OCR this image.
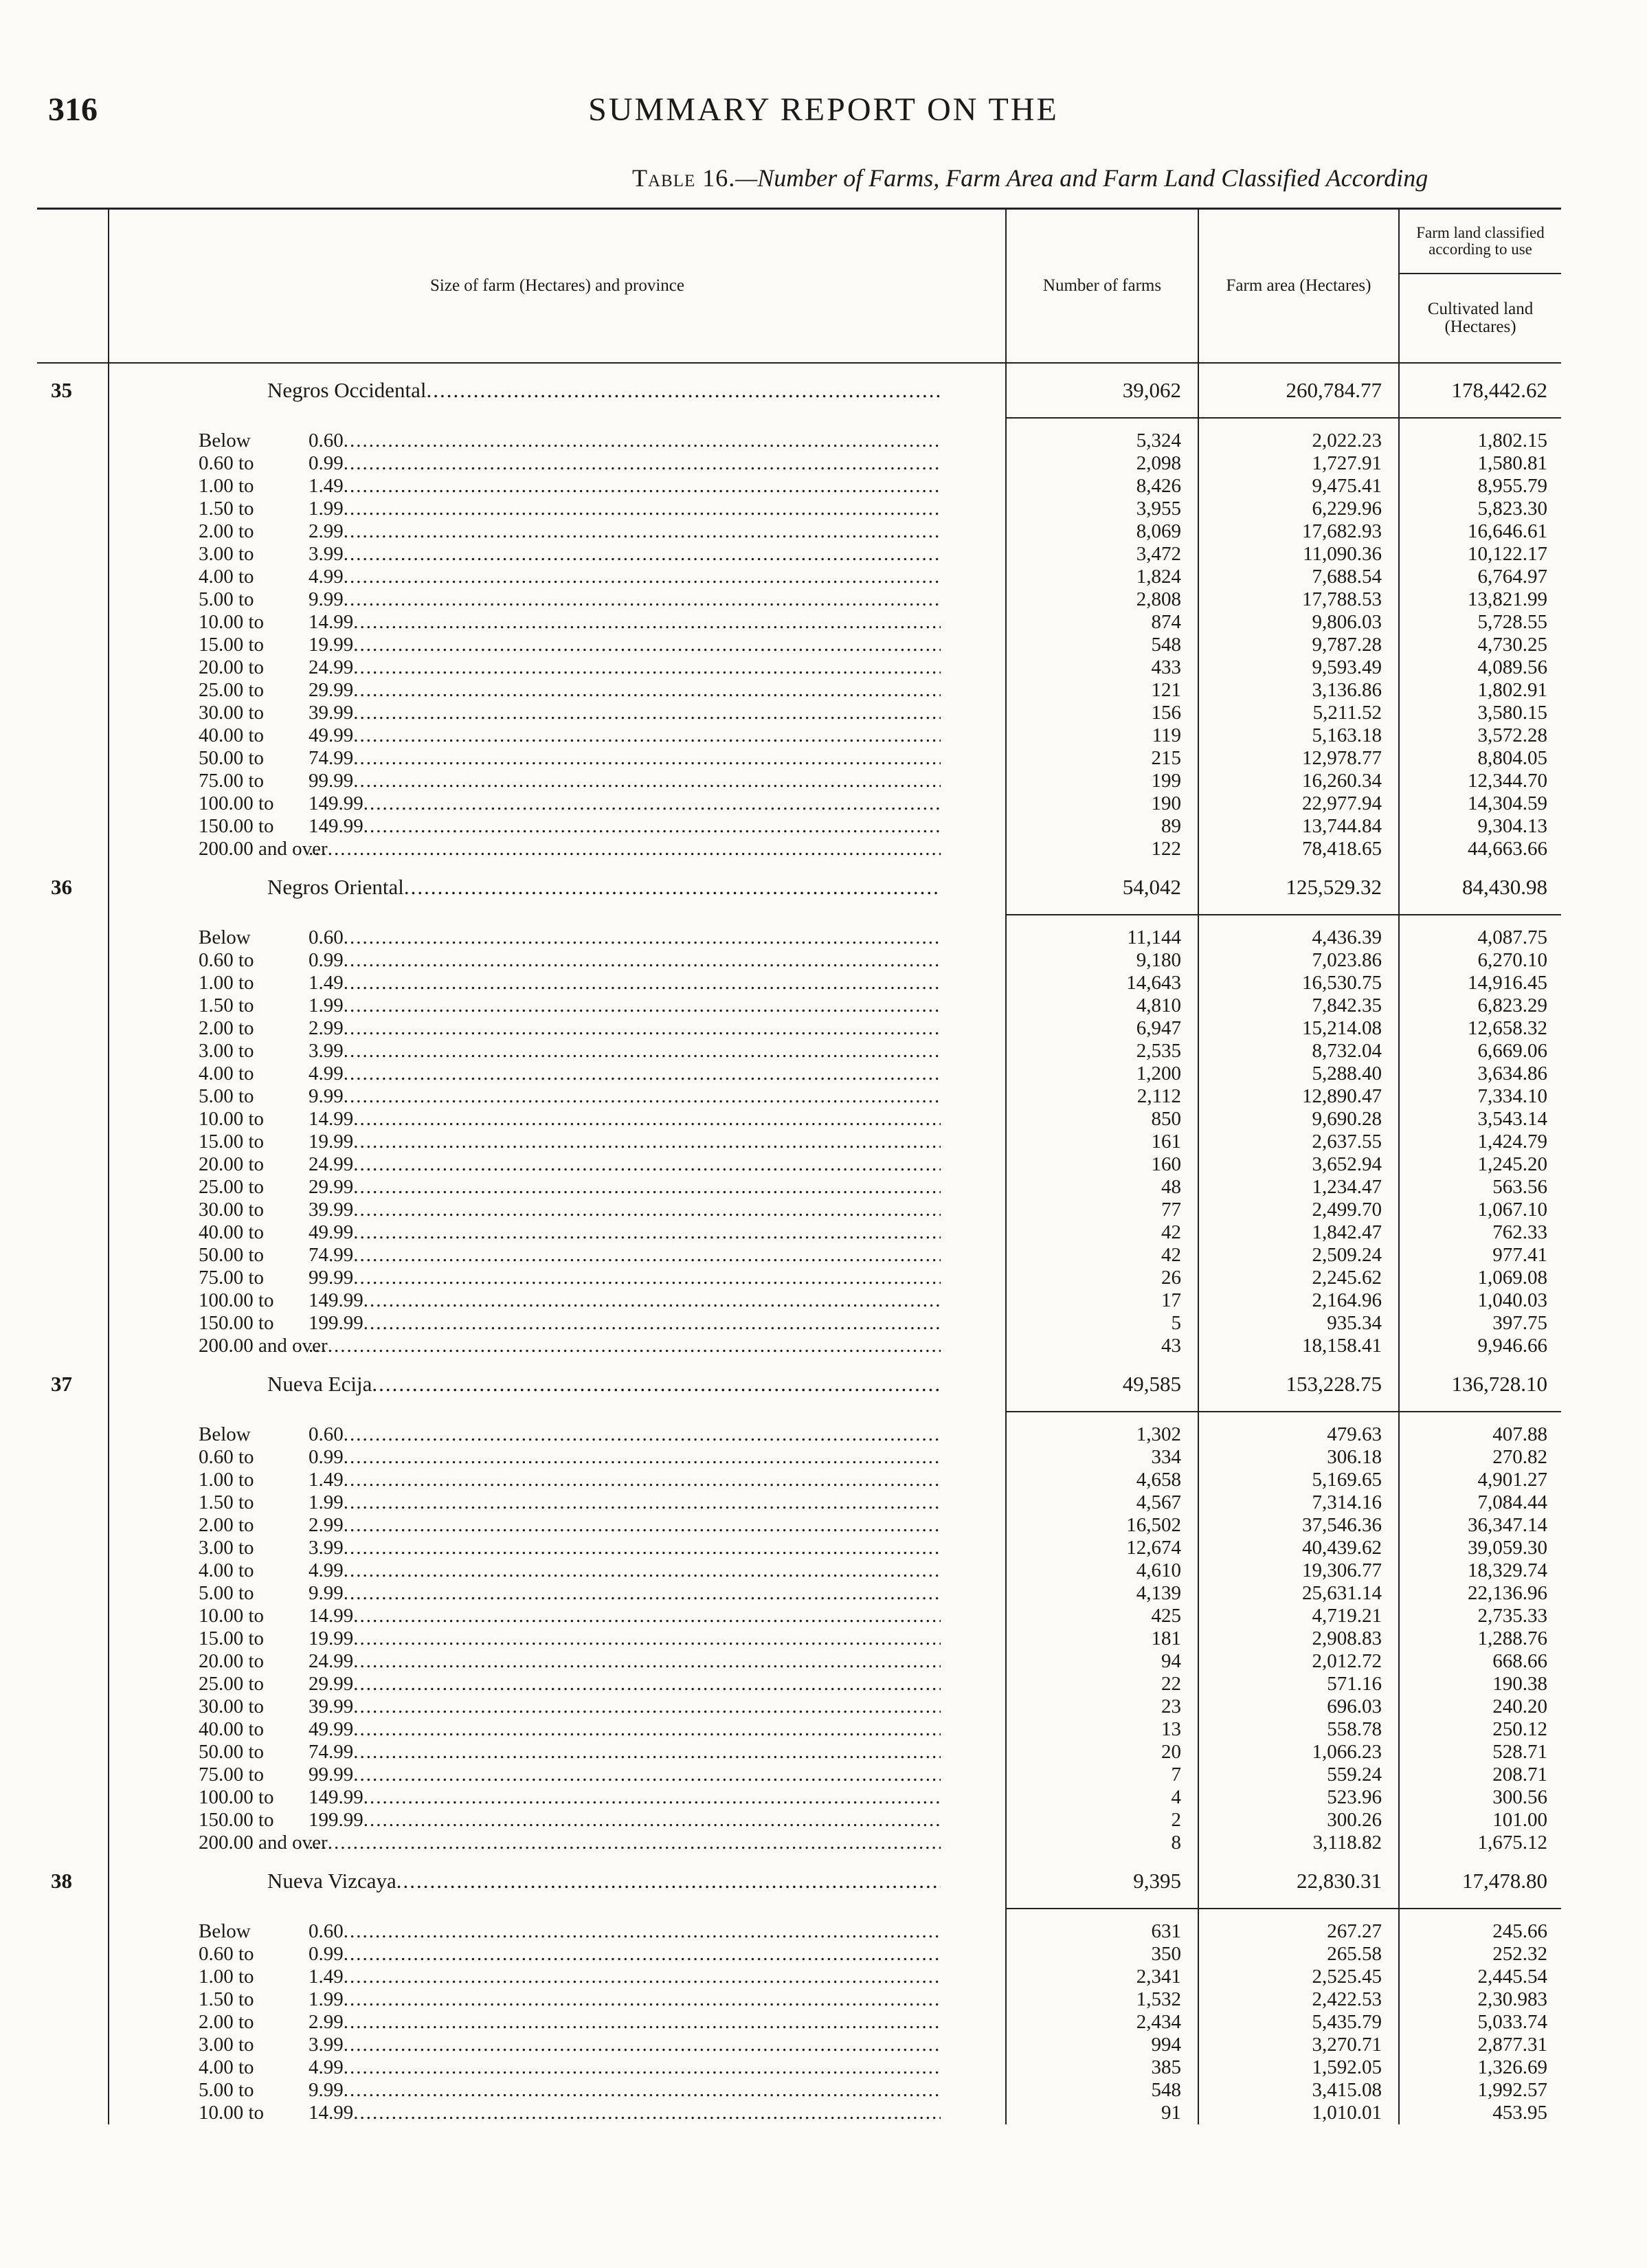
316	SUMMARY REPORT ON THE
Table 16.—Number of Farms, Farm Area and Farm Land Classified According
	Size of farm (Hectares) and province	Number of farms	Farm area (Hectares)	Farm land classified according to use
				Cultivated land (Hectares)
35	Negros Occidental .....	39,062	260,784.77	178,442.62
	Below 0.60 .....	5,324	2,022.23	1,802.15
	0.60 to 0.99 .....	2,098	1,727.91	1,580.81
	1.00 to 1.49 .....	8,426	9,475.41	8,955.79
	1.50 to 1.99 .....	3,955	6,229.96	5,823.30
	2.00 to 2.99 .....	8,069	17,682.93	16,646.61
	3.00 to 3.99 .....	3,472	11,090.36	10,122.17
	4.00 to 4.99 .....	1,824	7,688.54	6,764.97
	5.00 to 9.99 .....	2,808	17,788.53	13,821.99
	10.00 to 14.99 .....	874	9,806.03	5,728.55
	15.00 to 19.99 .....	548	9,787.28	4,730.25
	20.00 to 24.99 .....	433	9,593.49	4,089.56
	25.00 to 29.99 .....	121	3,136.86	1,802.91
	30.00 to 39.99 .....	156	5,211.52	3,580.15
	40.00 to 49.99 .....	119	5,163.18	3,572.28
	50.00 to 74.99 .....	215	12,978.77	8,804.05
	75.00 to 99.99 .....	199	16,260.34	12,344.70
	100.00 to 149.99 .....	190	22,977.94	14,304.59
	150.00 to 149.99 .....	89	13,744.84	9,304.13
	200.00 and over .....	122	78,418.65	44,663.66
36	Negros Oriental .....	54,042	125,529.32	84,430.98
	Below 0.60 .....	11,144	4,436.39	4,087.75
	0.60 to 0.99 .....	9,180	7,023.86	6,270.10
	1.00 to 1.49 .....	14,643	16,530.75	14,916.45
	1.50 to 1.99 .....	4,810	7,842.35	6,823.29
	2.00 to 2.99 .....	6,947	15,214.08	12,658.32
	3.00 to 3.99 .....	2,535	8,732.04	6,669.06
	4.00 to 4.99 .....	1,200	5,288.40	3,634.86
	5.00 to 9.99 .....	2,112	12,890.47	7,334.10
	10.00 to 14.99 .....	850	9,690.28	3,543.14
	15.00 to 19.99 .....	161	2,637.55	1,424.79
	20.00 to 24.99 .....	160	3,652.94	1,245.20
	25.00 to 29.99 .....	48	1,234.47	563.56
	30.00 to 39.99 .....	77	2,499.70	1,067.10
	40.00 to 49.99 .....	42	1,842.47	762.33
	50.00 to 74.99 .....	42	2,509.24	977.41
	75.00 to 99.99 .....	26	2,245.62	1,069.08
	100.00 to 149.99 .....	17	2,164.96	1,040.03
	150.00 to 199.99 .....	5	935.34	397.75
	200.00 and over .....	43	18,158.41	9,946.66
37	Nueva Ecija .....	49,585	153,228.75	136,728.10
	Below 0.60 .....	1,302	479.63	407.88
	0.60 to 0.99 .....	334	306.18	270.82
	1.00 to 1.49 .....	4,658	5,169.65	4,901.27
	1.50 to 1.99 .....	4,567	7,314.16	7,084.44
	2.00 to 2.99 .....	16,502	37,546.36	36,347.14
	3.00 to 3.99 .....	12,674	40,439.62	39,059.30
	4.00 to 4.99 .....	4,610	19,306.77	18,329.74
	5.00 to 9.99 .....	4,139	25,631.14	22,136.96
	10.00 to 14.99 .....	425	4,719.21	2,735.33
	15.00 to 19.99 .....	181	2,908.83	1,288.76
	20.00 to 24.99 .....	94	2,012.72	668.66
	25.00 to 29.99 .....	22	571.16	190.38
	30.00 to 39.99 .....	23	696.03	240.20
	40.00 to 49.99 .....	13	558.78	250.12
	50.00 to 74.99 .....	20	1,066.23	528.71
	75.00 to 99.99 .....	7	559.24	208.71
	100.00 to 149.99 .....	4	523.96	300.56
	150.00 to 199.99 .....	2	300.26	101.00
	200.00 and over .....	8	3,118.82	1,675.12
38	Nueva Vizcaya .....	9,395	22,830.31	17,478.80
	Below 0.60 .....	631	267.27	245.66
	0.60 to 0.99 .....	350	265.58	252.32
	1.00 to 1.49 .....	2,341	2,525.45	2,445.54
	1.50 to 1.99 .....	1,532	2,422.53	2,30.983
	2.00 to 2.99 .....	2,434	5,435.79	5,033.74
	3.00 to 3.99 .....	994	3,270.71	2,877.31
	4.00 to 4.99 .....	385	1,592.05	1,326.69
	5.00 to 9.99 .....	548	3,415.08	1,992.57
	10.00 to 14.99 .....	91	1,010.01	453.95
